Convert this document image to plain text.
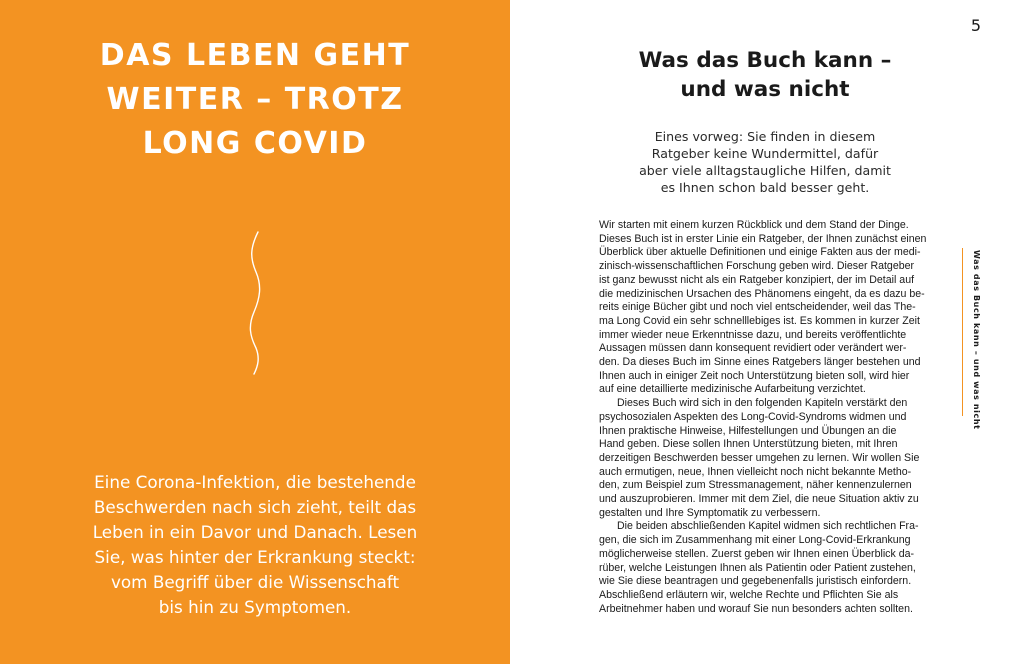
DAS LEBEN GEHT
WEITER – TROTZ
LONG COVID
Eine Corona-Infektion, die bestehende
Beschwerden nach sich zieht, teilt das
Leben in ein Davor und Danach. Lesen
Sie, was hinter der Erkrankung steckt:
vom Begriff über die Wissenschaft
bis hin zu Symptomen.
5
Was das Buch kann –
und was nicht
Eines vorweg: Sie finden in diesem
Ratgeber keine Wundermittel, dafür
aber viele alltagstaugliche Hilfen, damit
es Ihnen schon bald besser geht.
Wir starten mit einem kurzen Rückblick und dem Stand der Dinge.
Dieses Buch ist in erster Linie ein Ratgeber, der Ihnen zunächst einen
Überblick über aktuelle Definitionen und einige Fakten aus der medi-
zinisch-wissenschaftlichen Forschung geben wird. Dieser Ratgeber
ist ganz bewusst nicht als ein Ratgeber konzipiert, der im Detail auf
die medizinischen Ursachen des Phänomens eingeht, da es dazu be-
reits einige Bücher gibt und noch viel entscheidender, weil das The-
ma Long Covid ein sehr schnelllebiges ist. Es kommen in kurzer Zeit
immer wieder neue Erkenntnisse dazu, und bereits veröffentlichte
Aussagen müssen dann konsequent revidiert oder verändert wer-
den. Da dieses Buch im Sinne eines Ratgebers länger bestehen und
Ihnen auch in einiger Zeit noch Unterstützung bieten soll, wird hier
auf eine detaillierte medizinische Aufarbeitung verzichtet.
Dieses Buch wird sich in den folgenden Kapiteln verstärkt den
psychosozialen Aspekten des Long-Covid-Syndroms widmen und
Ihnen praktische Hinweise, Hilfestellungen und Übungen an die
Hand geben. Diese sollen Ihnen Unterstützung bieten, mit Ihren
derzeitigen Beschwerden besser umgehen zu lernen. Wir wollen Sie
auch ermutigen, neue, Ihnen vielleicht noch nicht bekannte Metho-
den, zum Beispiel zum Stressmanagement, näher kennenzulernen
und auszuprobieren. Immer mit dem Ziel, die neue Situation aktiv zu
gestalten und Ihre Symptomatik zu verbessern.
Die beiden abschließenden Kapitel widmen sich rechtlichen Fra-
gen, die sich im Zusammenhang mit einer Long-Covid-Erkrankung
möglicherweise stellen. Zuerst geben wir Ihnen einen Überblick da-
rüber, welche Leistungen Ihnen als Patientin oder Patient zustehen,
wie Sie diese beantragen und gegebenenfalls juristisch einfordern.
Abschließend erläutern wir, welche Rechte und Pflichten Sie als
Arbeitnehmer haben und worauf Sie nun besonders achten sollten.
Was das Buch kann – und was nicht
